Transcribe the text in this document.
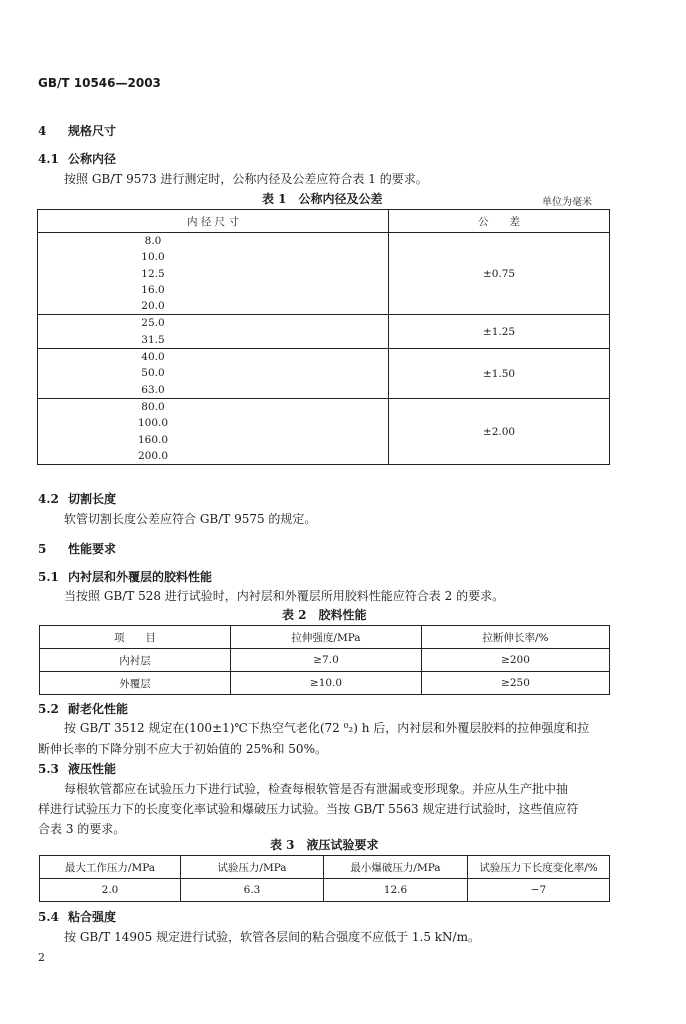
GB/T 10546—2003
4 规格尺寸
4.1 公称内径
按照 GB/T 9573 进行测定时，公称内径及公差应符合表 1 的要求。
表 1　公称内径及公差	单位为毫米
内 径 尺 寸	公　　差

8.0
10.0
12.5
16.0
20.0	±0.75

25.0
31.5	±1.25

40.0
50.0
63.0	±1.50

80.0
100.0
160.0
200.0	±2.00
4.2 切割长度
软管切割长度公差应符合 GB/T 9575 的规定。
5 性能要求
5.1 内衬层和外覆层的胶料性能
当按照 GB/T 528 进行试验时，内衬层和外覆层所用胶料性能应符合表 2 的要求。
表 2　胶料性能
项　　目	拉伸强度/MPa	拉断伸长率/%
内衬层	≥7.0	≥200
外覆层	≥10.0	≥250
5.2 耐老化性能
按 GB/T 3512 规定在(100±1)℃下热空气老化(72 ⁰₂) h 后，内衬层和外覆层胶料的拉伸强度和拉
断伸长率的下降分别不应大于初始值的 25%和 50%。
5.3 液压性能
每根软管都应在试验压力下进行试验，检查每根软管是否有泄漏或变形现象。并应从生产批中抽
样进行试验压力下的长度变化率试验和爆破压力试验。当按 GB/T 5563 规定进行试验时，这些值应符
合表 3 的要求。
表 3　液压试验要求
最大工作压力/MPa	试验压力/MPa	最小爆破压力/MPa	试验压力下长度变化率/%
2.0	6.3	12.6	−7
5.4 粘合强度
按 GB/T 14905 规定进行试验，软管各层间的粘合强度不应低于 1.5 kN/m。
2
